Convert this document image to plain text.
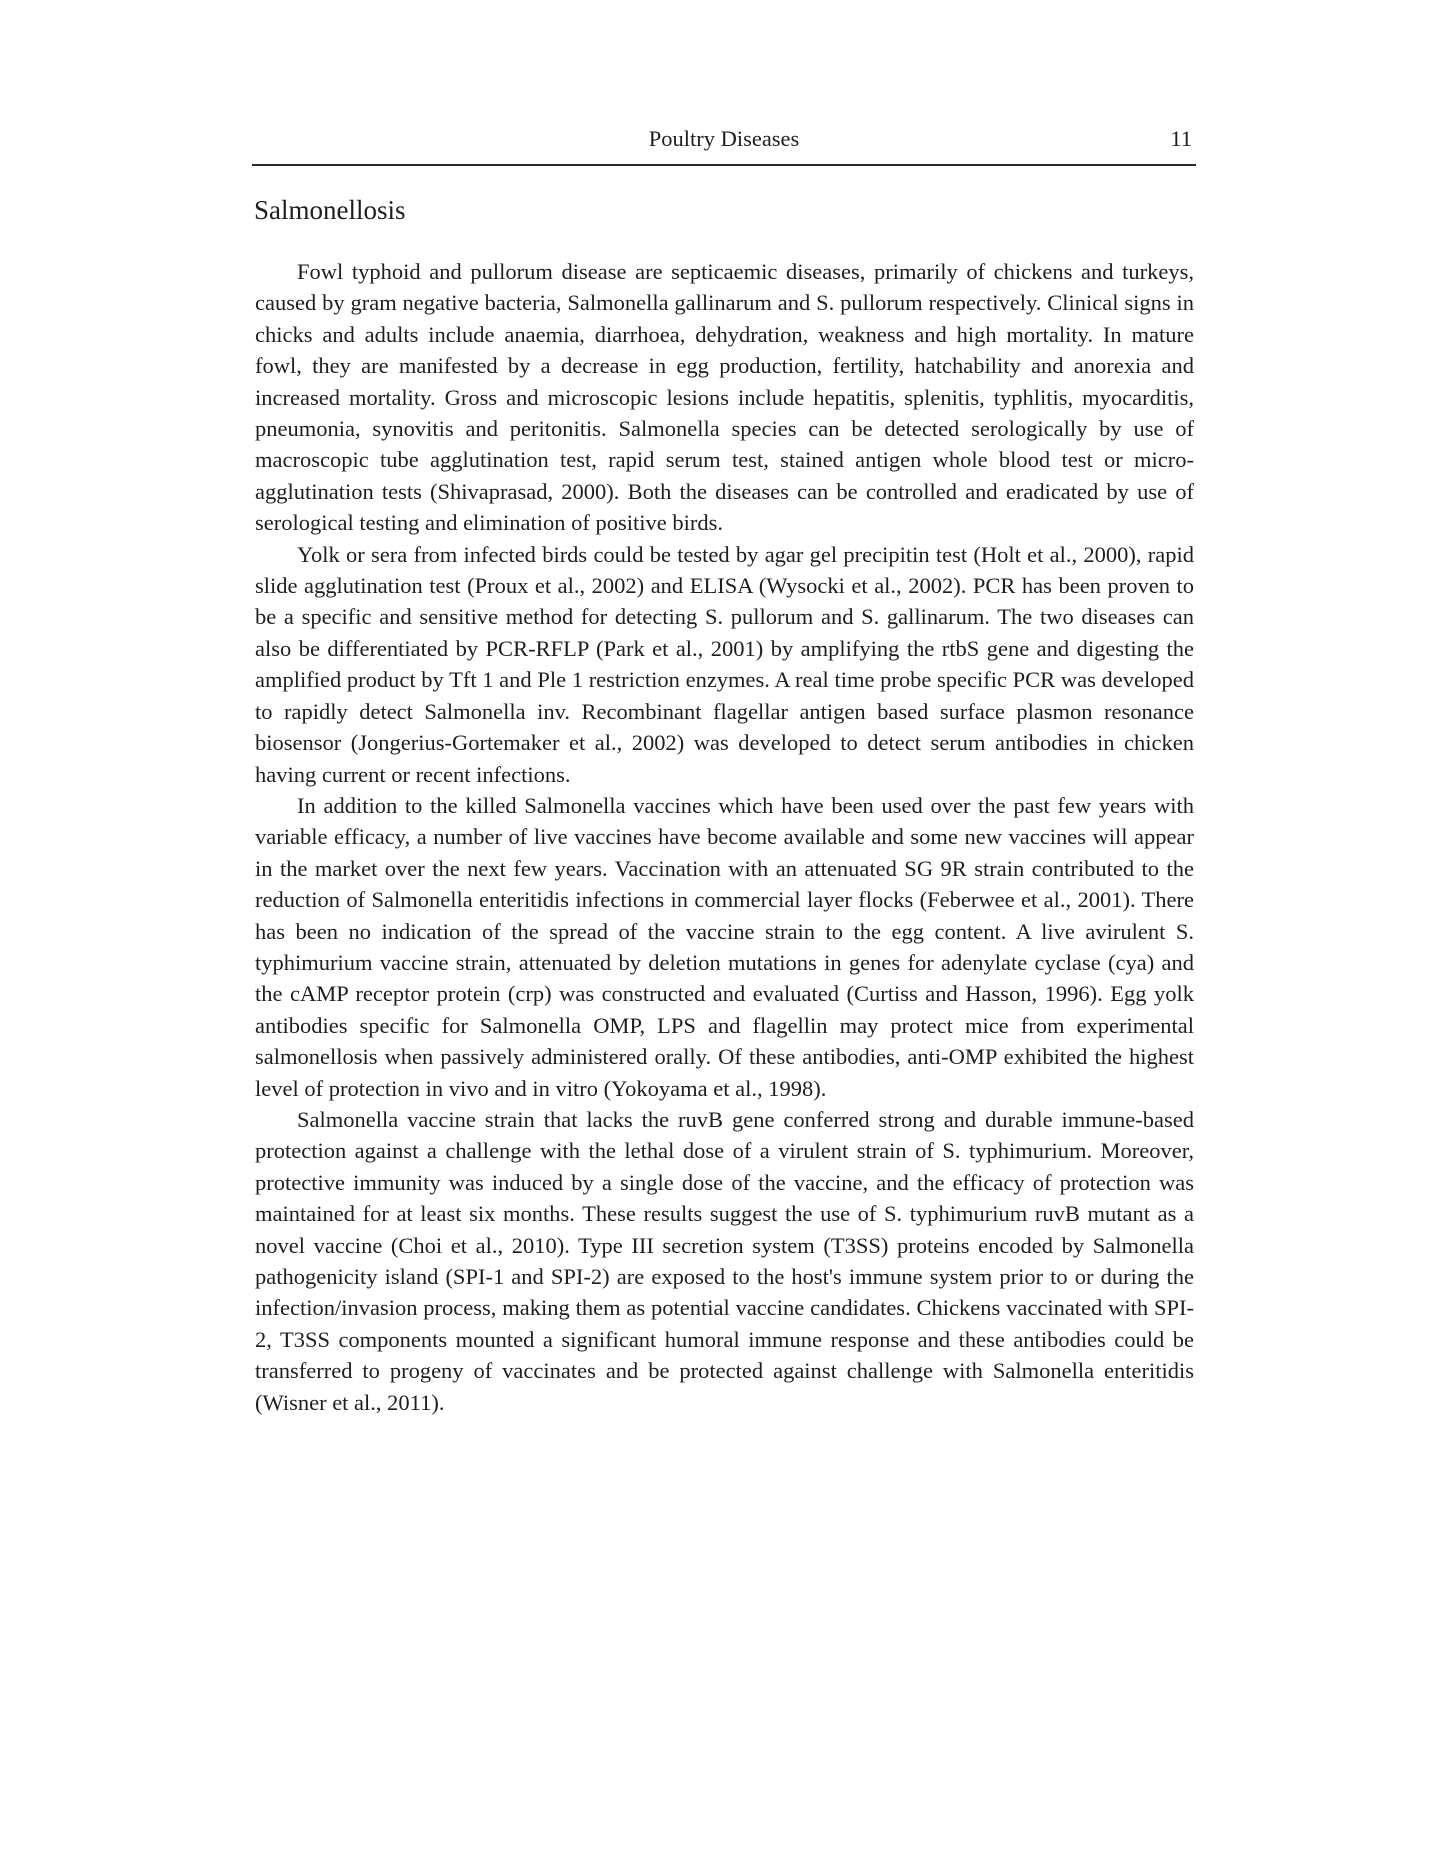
Poultry Diseases	11
Salmonellosis

Fowl typhoid and pullorum disease are septicaemic diseases, primarily of chickens and turkeys, caused by gram negative bacteria, Salmonella gallinarum and S. pullorum respectively. Clinical signs in chicks and adults include anaemia, diarrhoea, dehydration, weakness and high mortality. In mature fowl, they are manifested by a decrease in egg production, fertility, hatchability and anorexia and increased mortality. Gross and microscopic lesions include hepatitis, splenitis, typhlitis, myocarditis, pneumonia, synovitis and peritonitis. Salmonella species can be detected serologically by use of macroscopic tube agglutination test, rapid serum test, stained antigen whole blood test or micro-agglutination tests (Shivaprasad, 2000). Both the diseases can be controlled and eradicated by use of serological testing and elimination of positive birds.

Yolk or sera from infected birds could be tested by agar gel precipitin test (Holt et al., 2000), rapid slide agglutination test (Proux et al., 2002) and ELISA (Wysocki et al., 2002). PCR has been proven to be a specific and sensitive method for detecting S. pullorum and S. gallinarum. The two diseases can also be differentiated by PCR-RFLP (Park et al., 2001) by amplifying the rtbS gene and digesting the amplified product by Tft 1 and Ple 1 restriction enzymes. A real time probe specific PCR was developed to rapidly detect Salmonella inv. Recombinant flagellar antigen based surface plasmon resonance biosensor (Jongerius-Gortemaker et al., 2002) was developed to detect serum antibodies in chicken having current or recent infections.

In addition to the killed Salmonella vaccines which have been used over the past few years with variable efficacy, a number of live vaccines have become available and some new vaccines will appear in the market over the next few years. Vaccination with an attenuated SG 9R strain contributed to the reduction of Salmonella enteritidis infections in commercial layer flocks (Feberwee et al., 2001). There has been no indication of the spread of the vaccine strain to the egg content. A live avirulent S. typhimurium vaccine strain, attenuated by deletion mutations in genes for adenylate cyclase (cya) and the cAMP receptor protein (crp) was constructed and evaluated (Curtiss and Hasson, 1996). Egg yolk antibodies specific for Salmonella OMP, LPS and flagellin may protect mice from experimental salmonellosis when passively administered orally. Of these antibodies, anti-OMP exhibited the highest level of protection in vivo and in vitro (Yokoyama et al., 1998).

Salmonella vaccine strain that lacks the ruvB gene conferred strong and durable immune-based protection against a challenge with the lethal dose of a virulent strain of S. typhimurium. Moreover, protective immunity was induced by a single dose of the vaccine, and the efficacy of protection was maintained for at least six months. These results suggest the use of S. typhimurium ruvB mutant as a novel vaccine (Choi et al., 2010). Type III secretion system (T3SS) proteins encoded by Salmonella pathogenicity island (SPI-1 and SPI-2) are exposed to the host's immune system prior to or during the infection/invasion process, making them as potential vaccine candidates. Chickens vaccinated with SPI-2, T3SS components mounted a significant humoral immune response and these antibodies could be transferred to progeny of vaccinates and be protected against challenge with Salmonella enteritidis (Wisner et al., 2011).
